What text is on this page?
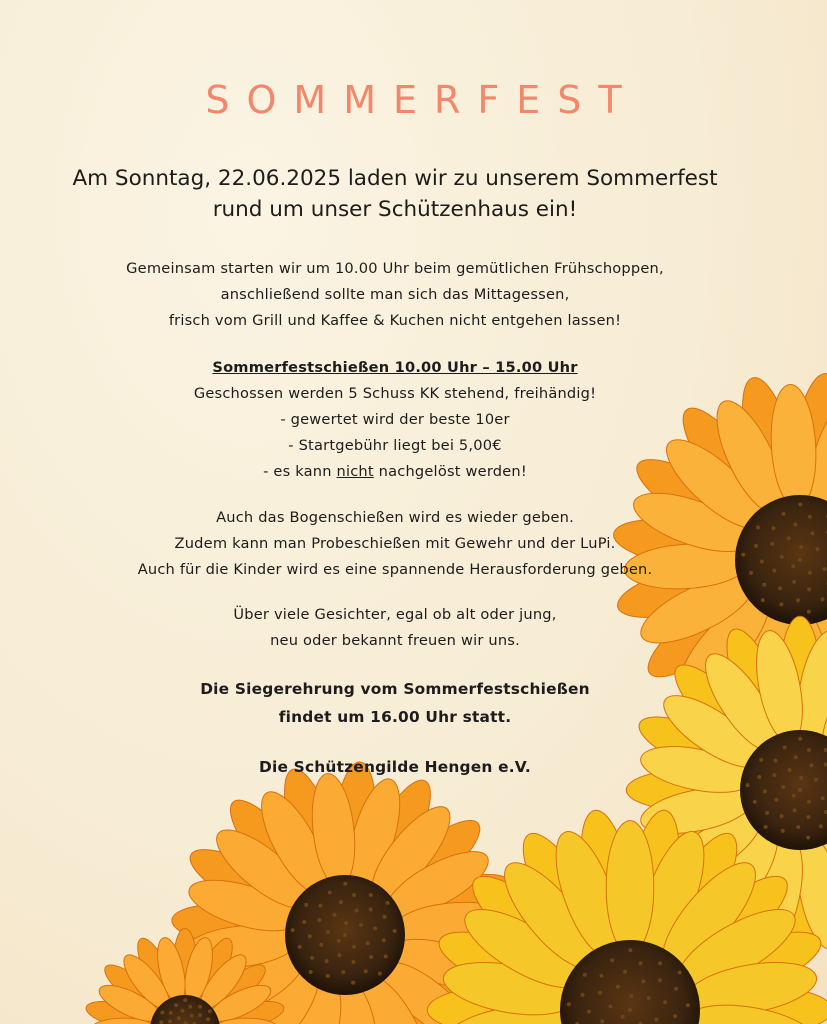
SOMMERFEST
Am Sonntag, 22.06.2025 laden wir zu unserem Sommerfest
rund um unser Schützenhaus ein!
Gemeinsam starten wir um 10.00 Uhr beim gemütlichen Frühschoppen,
anschließend sollte man sich das Mittagessen,
frisch vom Grill und Kaffee & Kuchen nicht entgehen lassen!
Sommerfestschießen 10.00 Uhr – 15.00 Uhr
Geschossen werden 5 Schuss KK stehend, freihändig!
- gewertet wird der beste 10er
- Startgebühr liegt bei 5,00€
- es kann nicht nachgelöst werden!
Auch das Bogenschießen wird es wieder geben.
Zudem kann man Probeschießen mit Gewehr und der LuPi.
Auch für die Kinder wird es eine spannende Herausforderung geben.
Über viele Gesichter, egal ob alt oder jung,
neu oder bekannt freuen wir uns.
Die Siegerehrung vom Sommerfestschießen
findet um 16.00 Uhr statt.
Die Schützengilde Hengen e.V.
